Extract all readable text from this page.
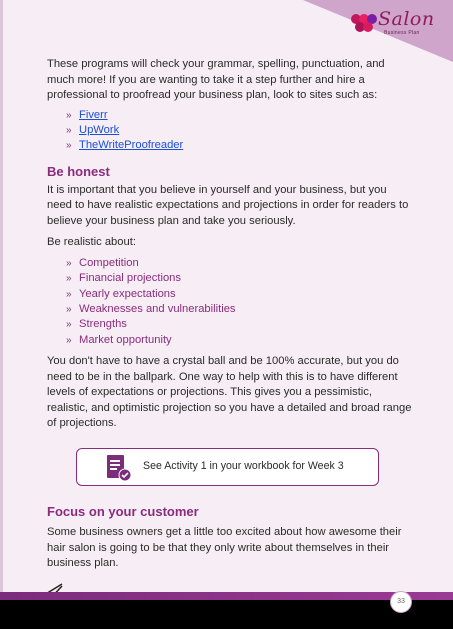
Salon
Business Plan

These programs will check your grammar, spelling, punctuation, and much more! If you are wanting to take it a step further and hire a professional to proofread your business plan, look to sites such as:

» Fiverr
» UpWork
» TheWriteProofreader
Be honest

It is important that you believe in yourself and your business, but you need to have realistic expectations and projections in order for readers to believe your business plan and take you seriously.

Be realistic about:

» Competition
» Financial projections
» Yearly expectations
» Weaknesses and vulnerabilities
» Strengths
» Market opportunity

You don't have to have a crystal ball and be 100% accurate, but you do need to be in the ballpark. One way to help with this is to have different levels of expectations or projections. This gives you a pessimistic, realistic, and optimistic projection so you have a detailed and broad range of projections.

See Activity 1 in your workbook for Week 3
Focus on your customer

Some business owners get a little too excited about how awesome their hair salon is going to be that they only write about themselves in their business plan.

33
